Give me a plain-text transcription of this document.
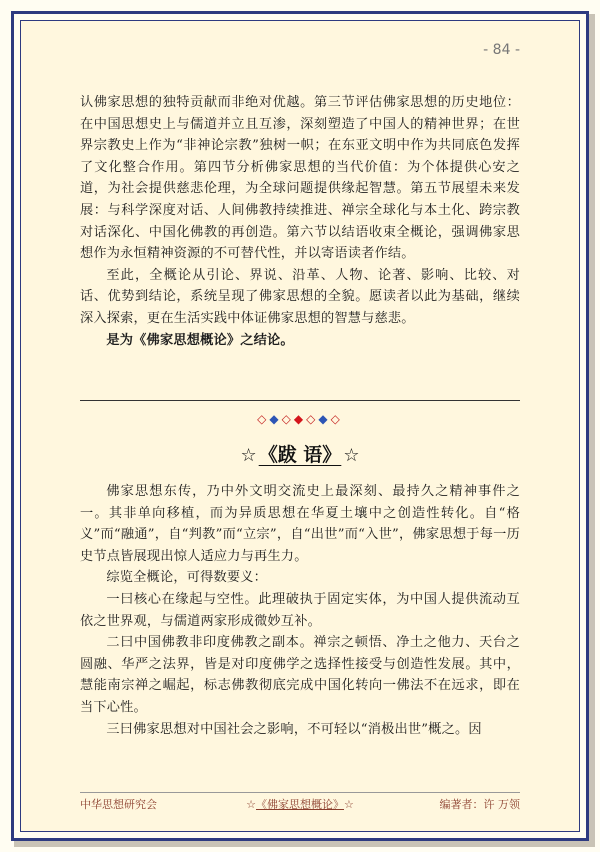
- 84 -

认佛家思想的独特贡献而非绝对优越。第三节评估佛家思想的历史地位：在中国思想史上与儒道并立且互渗，深刻塑造了中国人的精神世界；在世界宗教史上作为“非神论宗教”独树一帜；在东亚文明中作为共同底色发挥了文化整合作用。第四节分析佛家思想的当代价值：为个体提供心安之道，为社会提供慈悲伦理，为全球问题提供缘起智慧。第五节展望未来发展：与科学深度对话、人间佛教持续推进、禅宗全球化与本土化、跨宗教对话深化、中国化佛教的再创造。第六节以结语收束全概论，强调佛家思想作为永恒精神资源的不可替代性，并以寄语读者作结。

至此，全概论从引论、界说、沿革、人物、论著、影响、比较、对话、优势到结论，系统呈现了佛家思想的全貌。愿读者以此为基础，继续深入探索，更在生活实践中体证佛家思想的智慧与慈悲。

是为《佛家思想概论》之结论。

◇◆◇◆◇◆◇
☆ 《跋 语》 ☆

佛家思想东传，乃中外文明交流史上最深刻、最持久之精神事件之一。其非单向移植，而为异质思想在华夏土壤中之创造性转化。自“格义”而“融通”，自“判教”而“立宗”，自“出世”而“入世”，佛家思想于每一历史节点皆展现出惊人适应力与再生力。

综览全概论，可得数要义：

一曰核心在缘起与空性。此理破执于固定实体，为中国人提供流动互依之世界观，与儒道两家形成微妙互补。

二曰中国佛教非印度佛教之副本。禅宗之顿悟、净土之他力、天台之圆融、华严之法界，皆是对印度佛学之选择性接受与创造性发展。其中，慧能南宗禅之崛起，标志佛教彻底完成中国化转向一佛法不在远求，即在当下心性。

三曰佛家思想对中国社会之影响，不可轻以“消极出世”概之。因

中华思想研究会	☆《佛家思想概论》☆	编著者：许 万领
